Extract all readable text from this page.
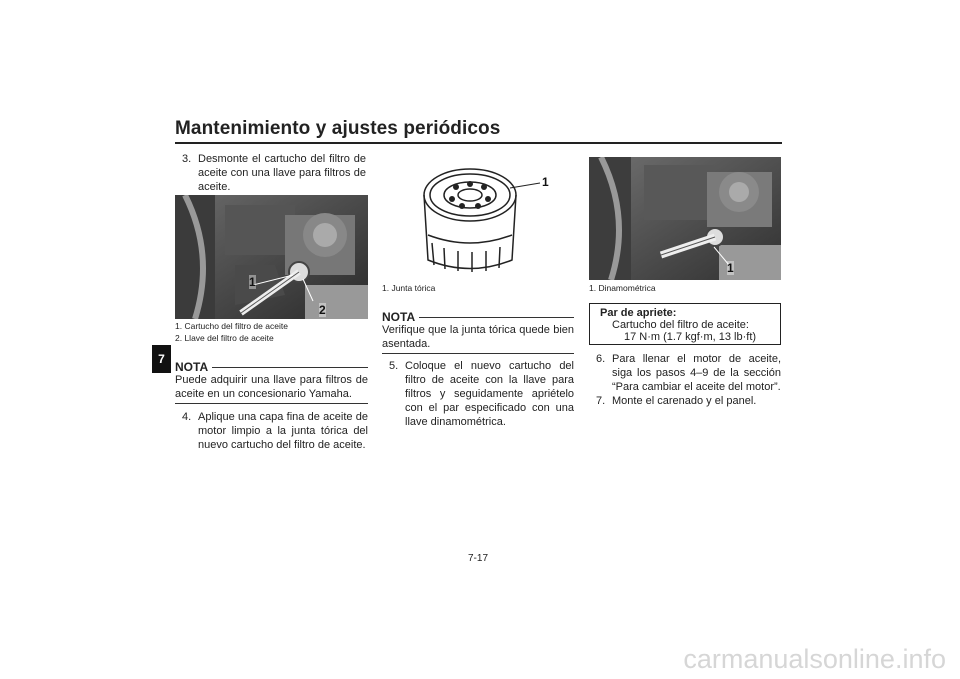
Mantenimiento y ajustes periódicos
7
3. Desmonte el cartucho del filtro de aceite con una llave para filtros de aceite.
1
2
1. Cartucho del filtro de aceite
2. Llave del filtro de aceite
NOTA
Puede adquirir una llave para filtros de aceite en un concesionario Yamaha.
4. Aplique una capa fina de aceite de motor limpio a la junta tórica del nuevo cartucho del filtro de aceite.
1
1. Junta tórica
NOTA
Verifique que la junta tórica quede bien asentada.
5. Coloque el nuevo cartucho del filtro de aceite con la llave para filtros y seguidamente apriételo con el par especificado con una llave dinamométrica.
1
1. Dinamométrica
Par de apriete:
Cartucho del filtro de aceite:
17 N·m (1.7 kgf·m, 13 lb·ft)
6. Para llenar el motor de aceite, siga los pasos 4–9 de la sección “Para cambiar el aceite del motor”.
7. Monte el carenado y el panel.
7-17
carmanualsonline.info
